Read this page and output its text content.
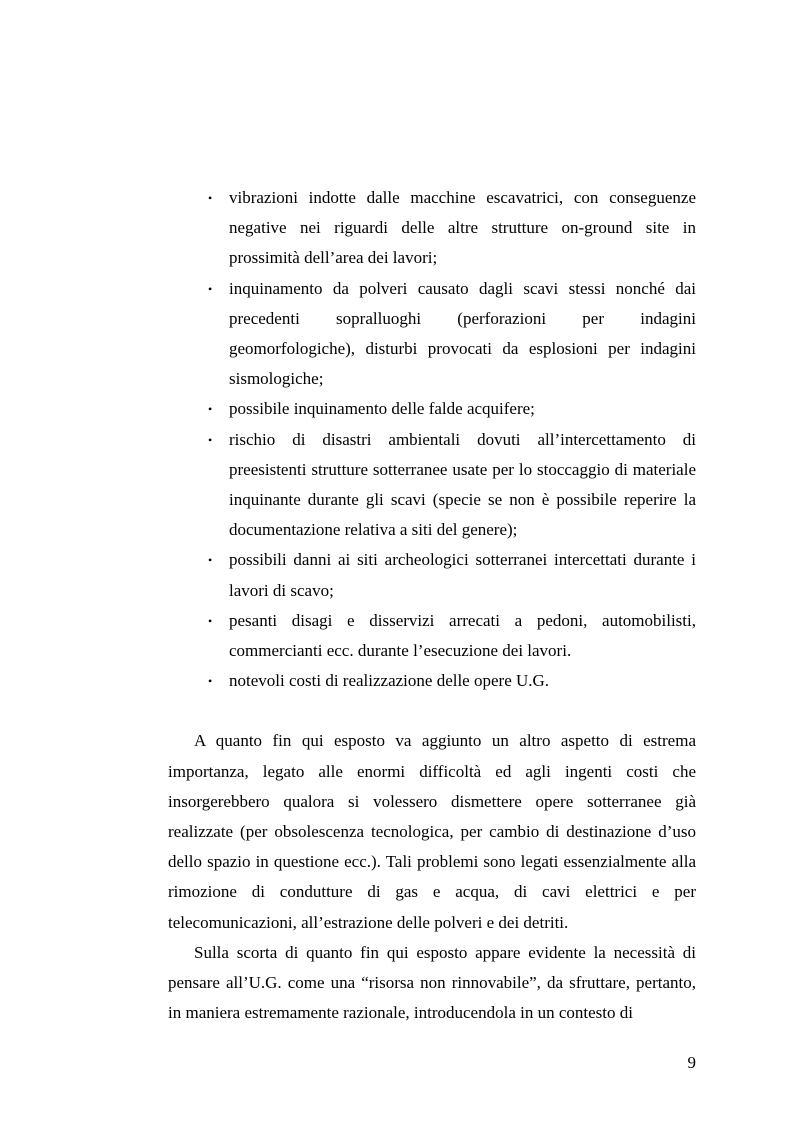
• vibrazioni indotte dalle macchine escavatrici, con conseguenze negative nei riguardi delle altre strutture on-ground site in prossimità dell’area dei lavori;
• inquinamento da polveri causato dagli scavi stessi nonché dai precedenti sopralluoghi (perforazioni per indagini geomorfologiche), disturbi provocati da esplosioni per indagini sismologiche;
• possibile inquinamento delle falde acquifere;
• rischio di disastri ambientali dovuti all’intercettamento di preesistenti strutture sotterranee usate per lo stoccaggio di materiale inquinante durante gli scavi (specie se non è possibile reperire la documentazione relativa a siti del genere);
• possibili danni ai siti archeologici sotterranei intercettati durante i lavori di scavo;
• pesanti disagi e disservizi arrecati a pedoni, automobilisti, commercianti ecc. durante l’esecuzione dei lavori.
• notevoli costi di realizzazione delle opere U.G.

A quanto fin qui esposto va aggiunto un altro aspetto di estrema importanza, legato alle enormi difficoltà ed agli ingenti costi che insorgerebbero qualora si volessero dismettere opere sotterranee già realizzate (per obsolescenza tecnologica, per cambio di destinazione d’uso dello spazio in questione ecc.). Tali problemi sono legati essenzialmente alla rimozione di condutture di gas e acqua, di cavi elettrici e per telecomunicazioni, all’estrazione delle polveri e dei detriti.

Sulla scorta di quanto fin qui esposto appare evidente la necessità di pensare all’U.G. come una “risorsa non rinnovabile”, da sfruttare, pertanto, in maniera estremamente razionale, introducendola in un contesto di

9
